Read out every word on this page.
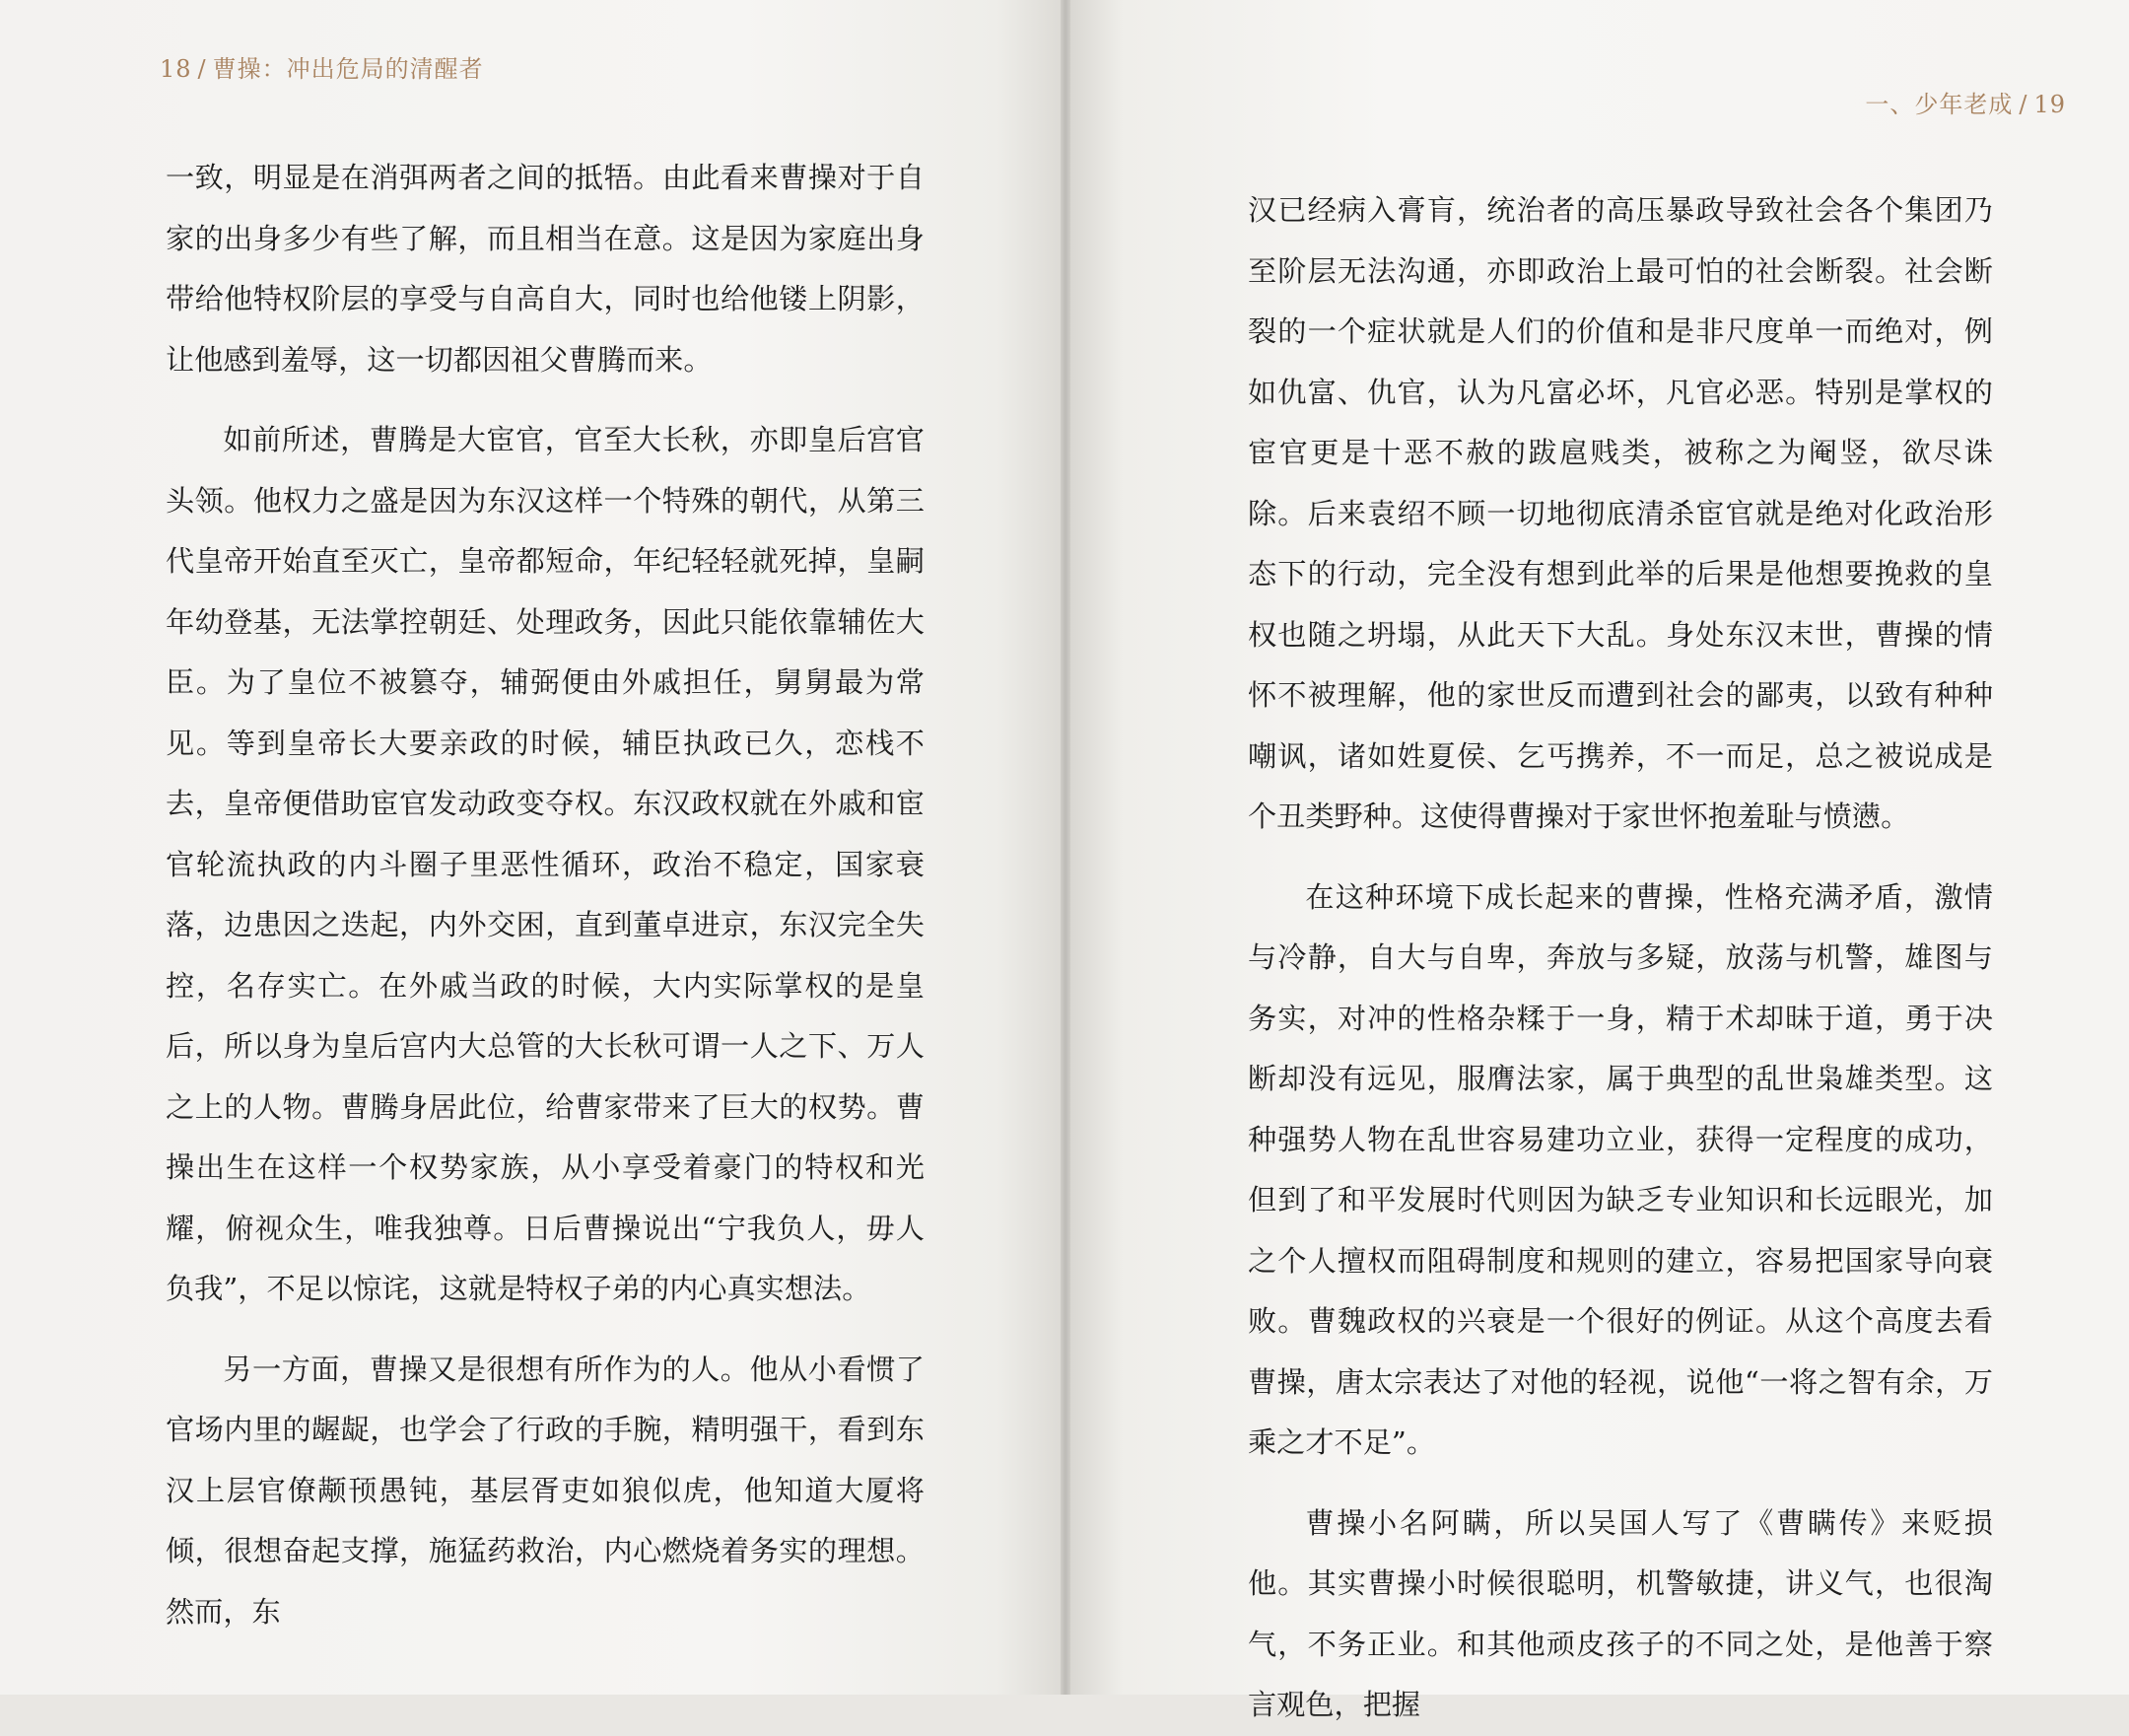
18 / 曹操：冲出危局的清醒者

一致，明显是在消弭两者之间的抵牾。由此看来曹操对于自家的出身多少有些了解，而且相当在意。这是因为家庭出身带给他特权阶层的享受与自高自大，同时也给他镂上阴影，让他感到羞辱，这一切都因祖父曹腾而来。

如前所述，曹腾是大宦官，官至大长秋，亦即皇后宫官头领。他权力之盛是因为东汉这样一个特殊的朝代，从第三代皇帝开始直至灭亡，皇帝都短命，年纪轻轻就死掉，皇嗣年幼登基，无法掌控朝廷、处理政务，因此只能依靠辅佐大臣。为了皇位不被篡夺，辅弼便由外戚担任，舅舅最为常见。等到皇帝长大要亲政的时候，辅臣执政已久，恋栈不去，皇帝便借助宦官发动政变夺权。东汉政权就在外戚和宦官轮流执政的内斗圈子里恶性循环，政治不稳定，国家衰落，边患因之迭起，内外交困，直到董卓进京，东汉完全失控，名存实亡。在外戚当政的时候，大内实际掌权的是皇后，所以身为皇后宫内大总管的大长秋可谓一人之下、万人之上的人物。曹腾身居此位，给曹家带来了巨大的权势。曹操出生在这样一个权势家族，从小享受着豪门的特权和光耀，俯视众生，唯我独尊。日后曹操说出“宁我负人，毋人负我”，不足以惊诧，这就是特权子弟的内心真实想法。

另一方面，曹操又是很想有所作为的人。他从小看惯了官场内里的龌龊，也学会了行政的手腕，精明强干，看到东汉上层官僚颟顸愚钝，基层胥吏如狼似虎，他知道大厦将倾，很想奋起支撑，施猛药救治，内心燃烧着务实的理想。然而，东

一、少年老成 / 19

汉已经病入膏肓，统治者的高压暴政导致社会各个集团乃至阶层无法沟通，亦即政治上最可怕的社会断裂。社会断裂的一个症状就是人们的价值和是非尺度单一而绝对，例如仇富、仇官，认为凡富必坏，凡官必恶。特别是掌权的宦官更是十恶不赦的跋扈贱类，被称之为阉竖，欲尽诛除。后来袁绍不顾一切地彻底清杀宦官就是绝对化政治形态下的行动，完全没有想到此举的后果是他想要挽救的皇权也随之坍塌，从此天下大乱。身处东汉末世，曹操的情怀不被理解，他的家世反而遭到社会的鄙夷，以致有种种嘲讽，诸如姓夏侯、乞丐携养，不一而足，总之被说成是个丑类野种。这使得曹操对于家世怀抱羞耻与愤懑。

在这种环境下成长起来的曹操，性格充满矛盾，激情与冷静，自大与自卑，奔放与多疑，放荡与机警，雄图与务实，对冲的性格杂糅于一身，精于术却昧于道，勇于决断却没有远见，服膺法家，属于典型的乱世枭雄类型。这种强势人物在乱世容易建功立业，获得一定程度的成功，但到了和平发展时代则因为缺乏专业知识和长远眼光，加之个人擅权而阻碍制度和规则的建立，容易把国家导向衰败。曹魏政权的兴衰是一个很好的例证。从这个高度去看曹操，唐太宗表达了对他的轻视，说他“一将之智有余，万乘之才不足”。

曹操小名阿瞒，所以吴国人写了《曹瞒传》来贬损他。其实曹操小时候很聪明，机警敏捷，讲义气，也很淘气，不务正业。和其他顽皮孩子的不同之处，是他善于察言观色，把握
